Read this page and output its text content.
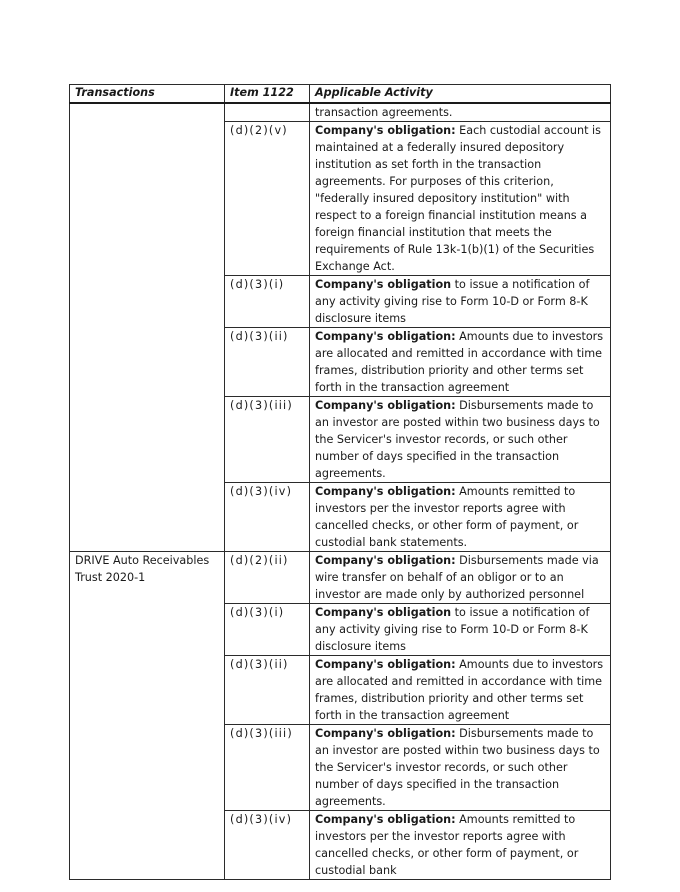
Transactions	Item 1122	Applicable Activity
		transaction agreements.
	(d)(2)(v)	Company's obligation: Each custodial account is maintained at a federally insured depository institution as set forth in the transaction agreements. For purposes of this criterion, "federally insured depository institution" with respect to a foreign financial institution means a foreign financial institution that meets the requirements of Rule 13k-1(b)(1) of the Securities Exchange Act.
	(d)(3)(i)	Company's obligation to issue a notification of any activity giving rise to Form 10-D or Form 8-K disclosure items
	(d)(3)(ii)	Company's obligation: Amounts due to investors are allocated and remitted in accordance with time frames, distribution priority and other terms set forth in the transaction agreement
	(d)(3)(iii)	Company's obligation: Disbursements made to an investor are posted within two business days to the Servicer's investor records, or such other number of days specified in the transaction agreements.
	(d)(3)(iv)	Company's obligation: Amounts remitted to investors per the investor reports agree with cancelled checks, or other form of payment, or custodial bank statements.
DRIVE Auto Receivables Trust 2020-1	(d)(2)(ii)	Company's obligation: Disbursements made via wire transfer on behalf of an obligor or to an investor are made only by authorized personnel
	(d)(3)(i)	Company's obligation to issue a notification of any activity giving rise to Form 10-D or Form 8-K disclosure items
	(d)(3)(ii)	Company's obligation: Amounts due to investors are allocated and remitted in accordance with time frames, distribution priority and other terms set forth in the transaction agreement
	(d)(3)(iii)	Company's obligation: Disbursements made to an investor are posted within two business days to the Servicer's investor records, or such other number of days specified in the transaction agreements.
	(d)(3)(iv)	Company's obligation: Amounts remitted to investors per the investor reports agree with cancelled checks, or other form of payment, or custodial bank
